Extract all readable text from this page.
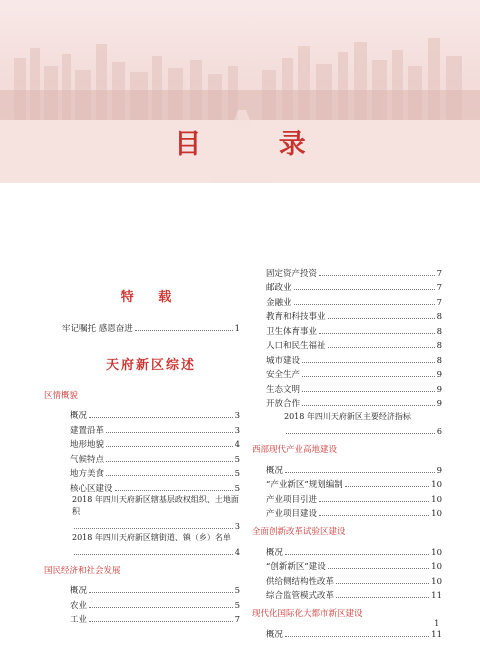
目 录
特 载
牢记嘱托 感恩奋进	1
天府新区综述
区情概貌
概况	3
建置沿革	3
地形地貌	4
气候特点	5
地方美食	5
核心区建设	5
2018 年四川天府新区辖基层政权组织、土地面积
3
2018 年四川天府新区辖街道、镇（乡）名单
4
国民经济和社会发展
概况	5
农业	5
工业	7
固定资产投资	7
邮政业	7
金融业	7
教育和科技事业	8
卫生体育事业	8
人口和民生福祉	8
城市建设	8
安全生产	9
生态文明	9
开放合作	9
2018 年四川天府新区主要经济指标
6
西部现代产业高地建设
概况	9
“产业新区”规划编制	10
产业项目引进	10
产业项目建设	10
全面创新改革试验区建设
概况	10
“创新新区”建设	10
供给侧结构性改革	10
综合监管模式改革	11
现代化国际化大都市新区建设
概况	11
1
